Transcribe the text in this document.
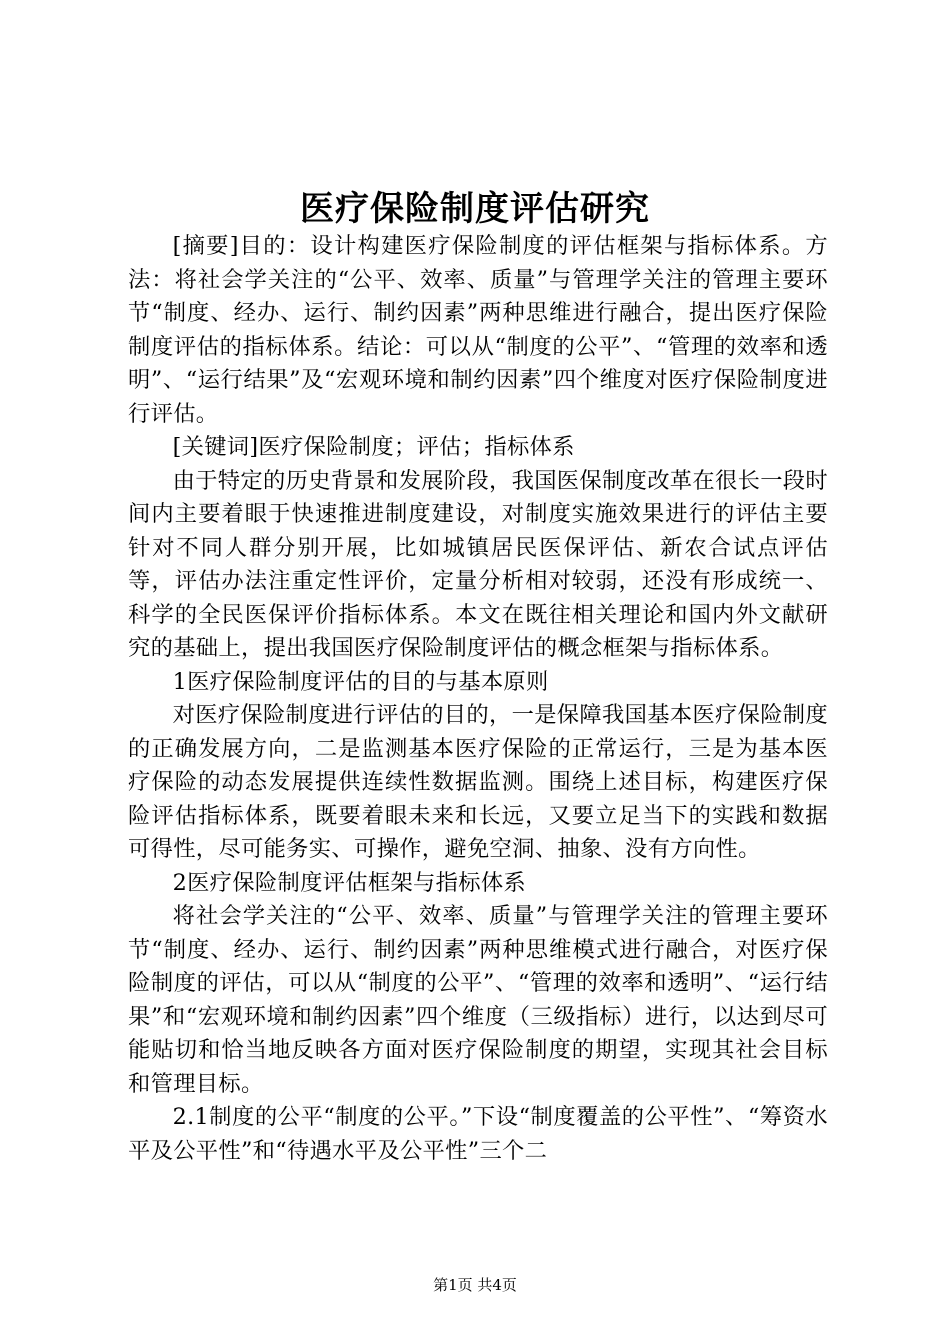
医疗保险制度评估研究

[摘要]目的：设计构建医疗保险制度的评估框架与指标体系。方法：将社会学关注的“公平、效率、质量”与管理学关注的管理主要环节“制度、经办、运行、制约因素”两种思维进行融合，提出医疗保险制度评估的指标体系。结论：可以从“制度的公平”、“管理的效率和透明”、“运行结果”及“宏观环境和制约因素”四个维度对医疗保险制度进行评估。

[关键词]医疗保险制度；评估；指标体系

由于特定的历史背景和发展阶段，我国医保制度改革在很长一段时间内主要着眼于快速推进制度建设，对制度实施效果进行的评估主要针对不同人群分别开展，比如城镇居民医保评估、新农合试点评估等，评估办法注重定性评价，定量分析相对较弱，还没有形成统一、科学的全民医保评价指标体系。本文在既往相关理论和国内外文献研究的基础上，提出我国医疗保险制度评估的概念框架与指标体系。

1医疗保险制度评估的目的与基本原则

对医疗保险制度进行评估的目的，一是保障我国基本医疗保险制度的正确发展方向，二是监测基本医疗保险的正常运行，三是为基本医疗保险的动态发展提供连续性数据监测。围绕上述目标，构建医疗保险评估指标体系，既要着眼未来和长远，又要立足当下的实践和数据可得性，尽可能务实、可操作，避免空洞、抽象、没有方向性。

2医疗保险制度评估框架与指标体系

将社会学关注的“公平、效率、质量”与管理学关注的管理主要环节“制度、经办、运行、制约因素”两种思维模式进行融合，对医疗保险制度的评估，可以从“制度的公平”、“管理的效率和透明”、“运行结果”和“宏观环境和制约因素”四个维度（三级指标）进行，以达到尽可能贴切和恰当地反映各方面对医疗保险制度的期望，实现其社会目标和管理目标。

2.1制度的公平“制度的公平。”下设“制度覆盖的公平性”、“筹资水平及公平性”和“待遇水平及公平性”三个二

第1页 共4页
